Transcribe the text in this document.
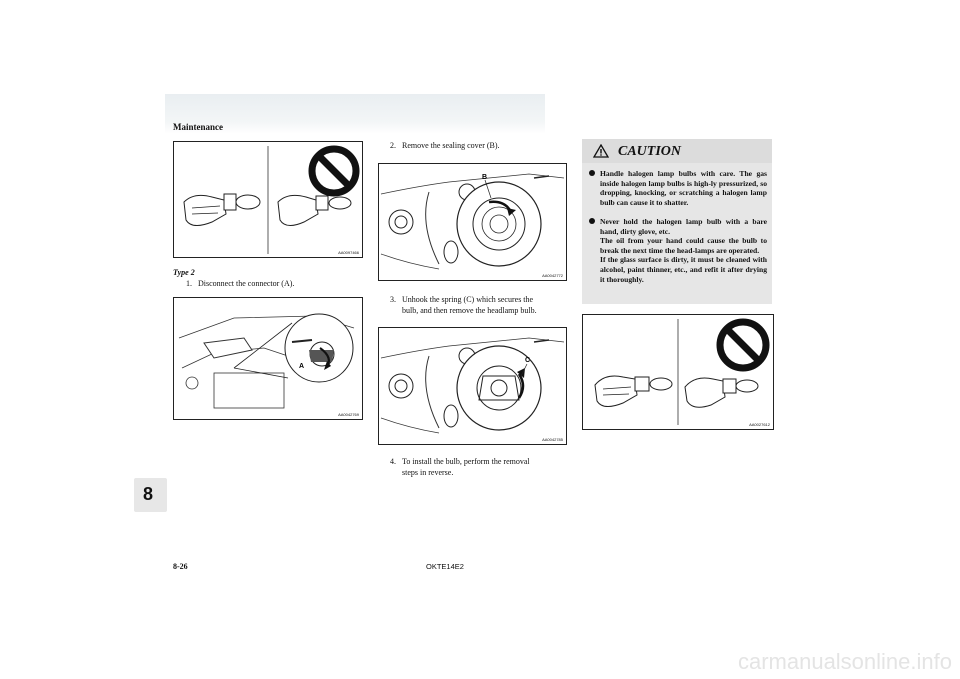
Maintenance
AA0097466
Type 2
1. Disconnect the connector (A).
A
AA0042769
2. Remove the sealing cover (B).
B
AA0042772
3. Unhook the spring (C) which secures the
bulb, and then remove the headlamp bulb.
C
AA0042785
4. To install the bulb, perform the removal
steps in reverse.
CAUTION
Handle halogen lamp bulbs with care. The gas inside halogen lamp bulbs is high-ly pressurized, so dropping, knocking, or scratching a halogen lamp bulb can cause it to shatter.
Never hold the halogen lamp bulb with a bare hand, dirty glove, etc.
The oil from your hand could cause the bulb to break the next time the head-lamps are operated.
If the glass surface is dirty, it must be cleaned with alcohol, paint thinner, etc., and refit it after drying it thoroughly.
AA0027612
8
8-26	OKTE14E2
carmanualsonline.info
